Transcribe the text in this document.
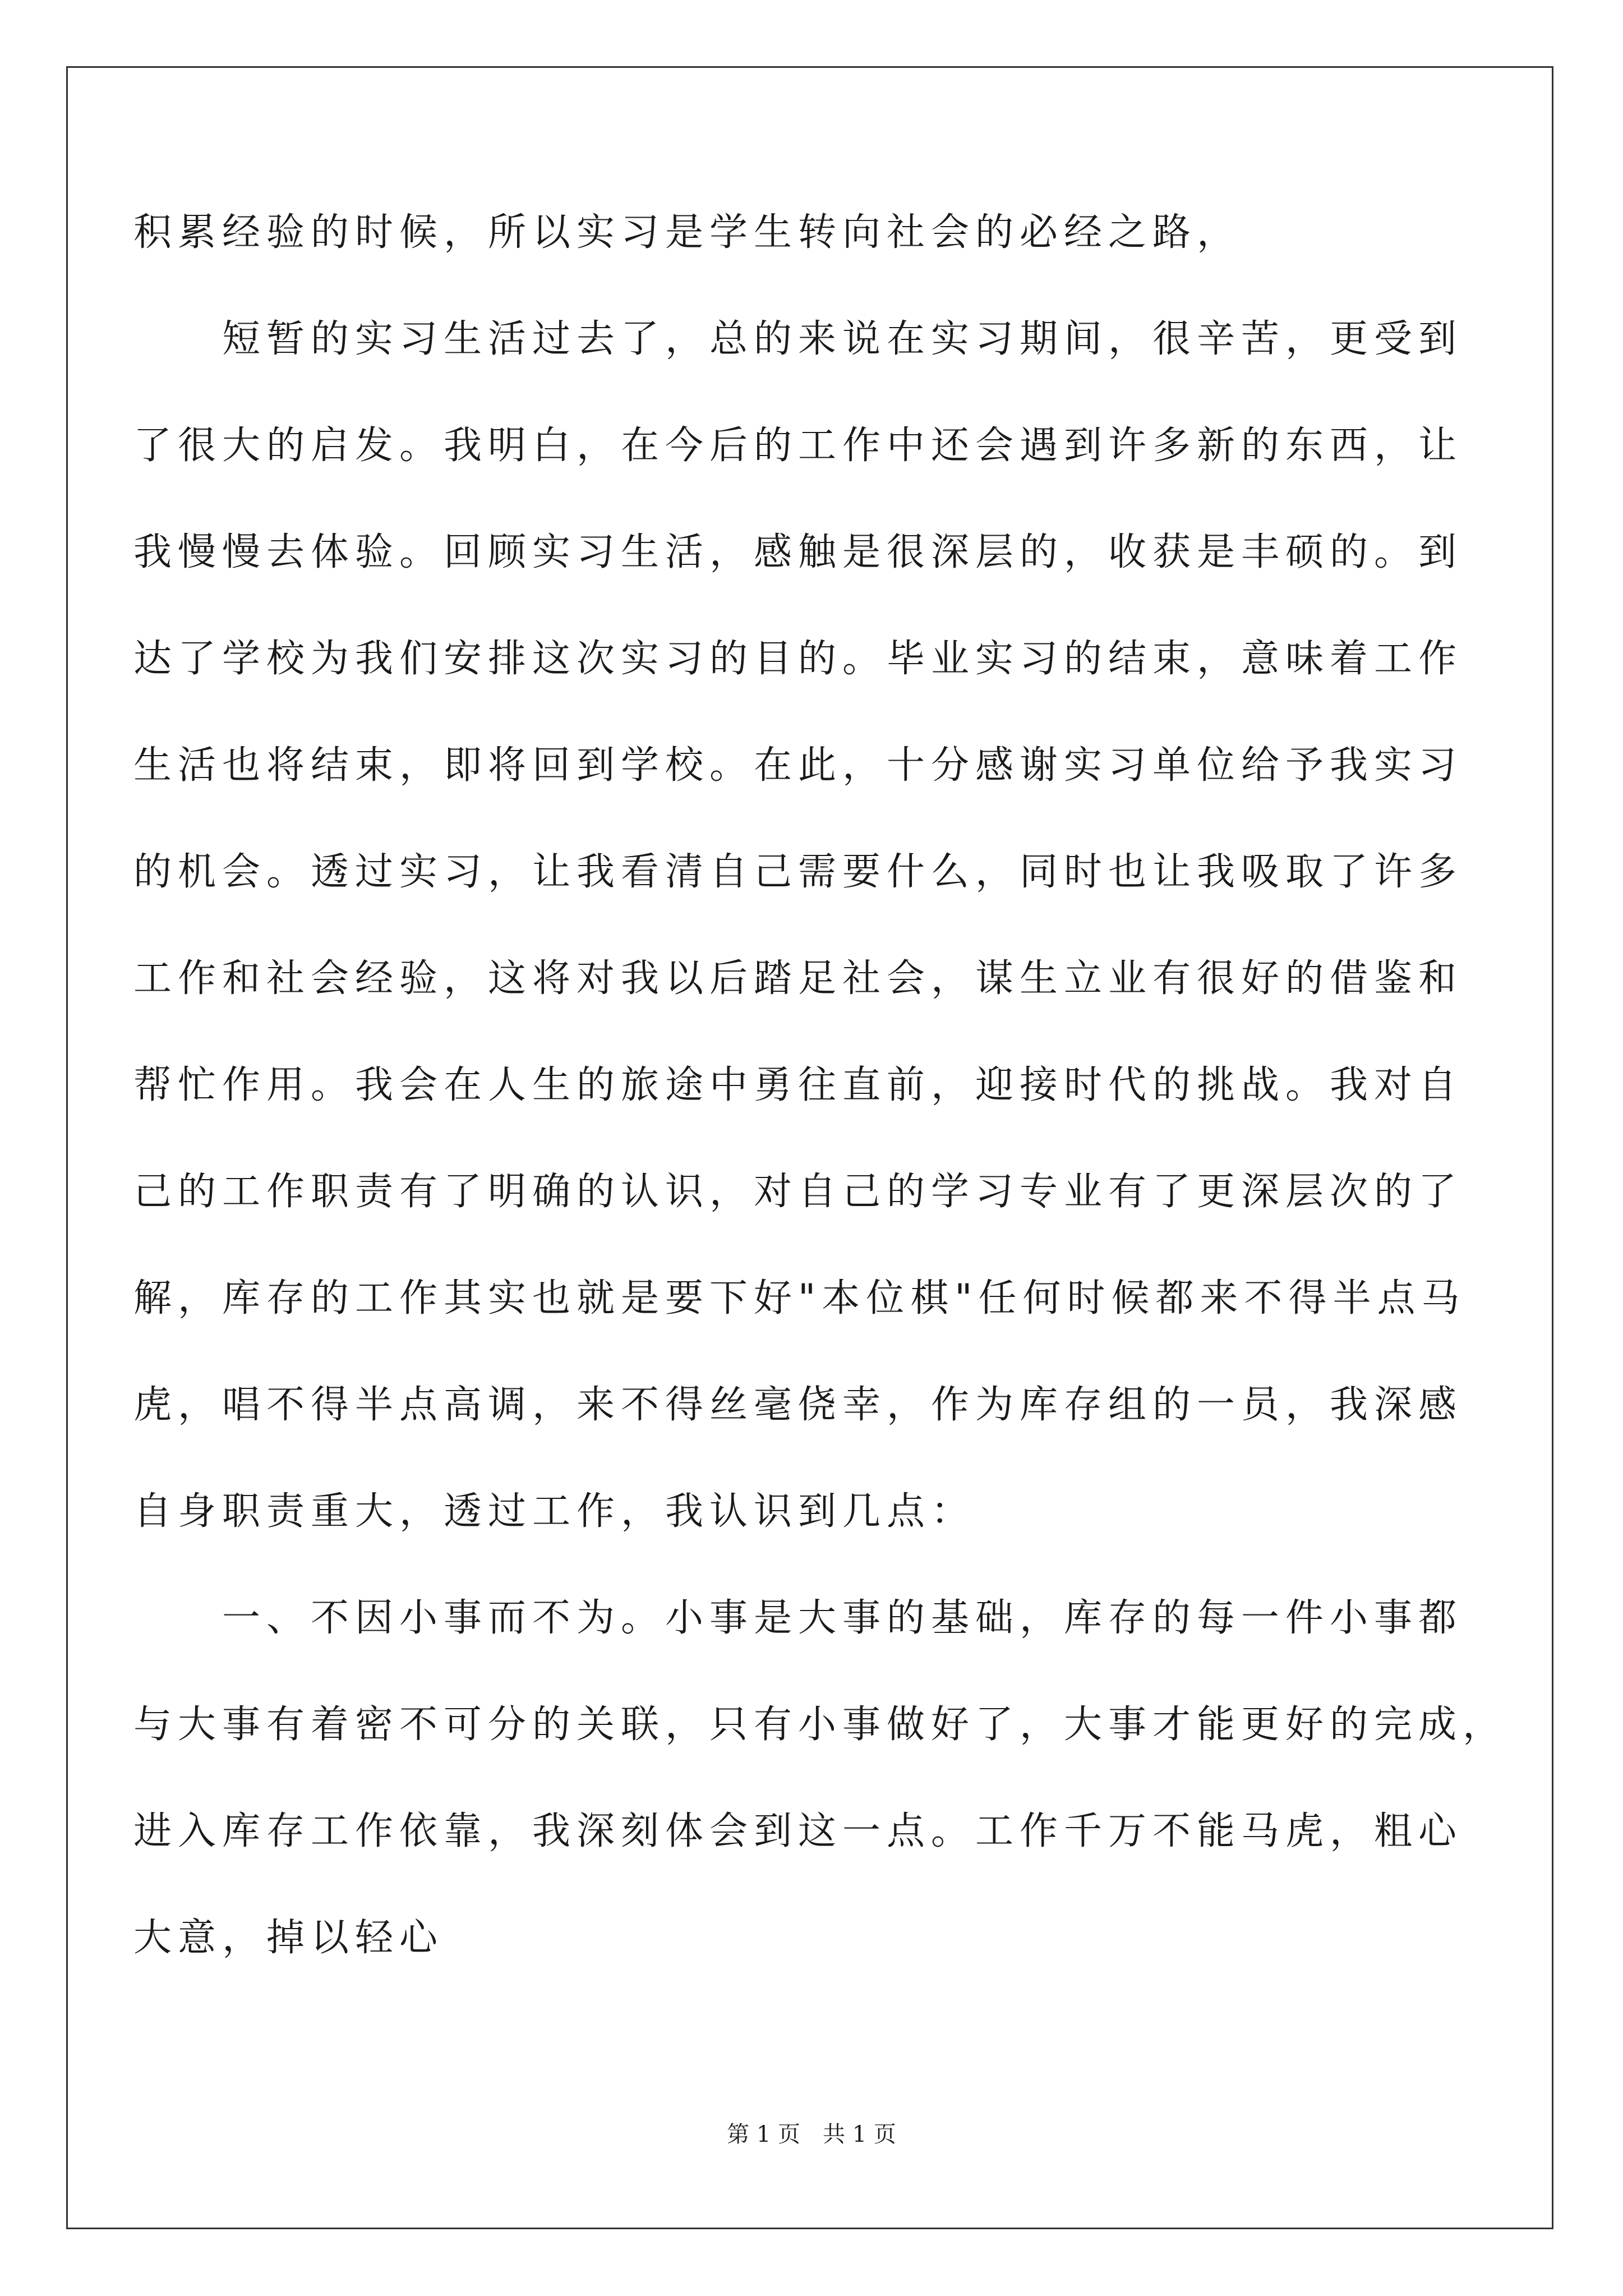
积累经验的时候，所以实习是学生转向社会的必经之路，
　　短暂的实习生活过去了，总的来说在实习期间，很辛苦，更受到
了很大的启发。我明白，在今后的工作中还会遇到许多新的东西，让
我慢慢去体验。回顾实习生活，感触是很深层的，收获是丰硕的。到
达了学校为我们安排这次实习的目的。毕业实习的结束，意味着工作
生活也将结束，即将回到学校。在此，十分感谢实习单位给予我实习
的机会。透过实习，让我看清自己需要什么，同时也让我吸取了许多
工作和社会经验，这将对我以后踏足社会，谋生立业有很好的借鉴和
帮忙作用。我会在人生的旅途中勇往直前，迎接时代的挑战。我对自
己的工作职责有了明确的认识，对自己的学习专业有了更深层次的了
解，库存的工作其实也就是要下好"本位棋"任何时候都来不得半点马
虎，唱不得半点高调，来不得丝毫侥幸，作为库存组的一员，我深感
自身职责重大，透过工作，我认识到几点：
　　一、不因小事而不为。小事是大事的基础，库存的每一件小事都
与大事有着密不可分的关联，只有小事做好了，大事才能更好的完成，
进入库存工作依靠，我深刻体会到这一点。工作千万不能马虎，粗心
大意，掉以轻心
第 1 页　共 1 页
